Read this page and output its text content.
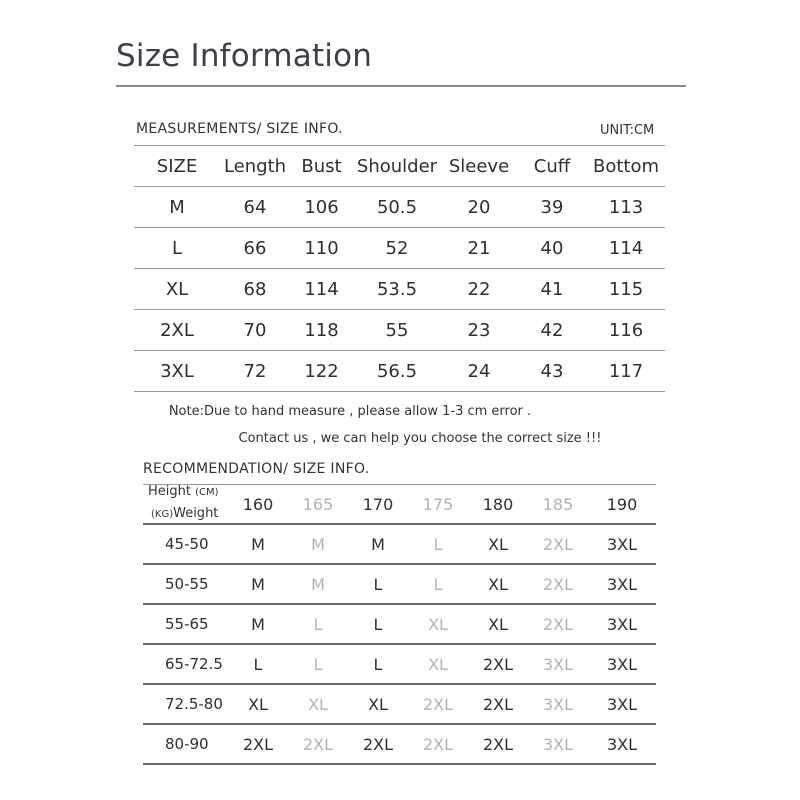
Size Information
MEASUREMENTS/ SIZE INFO.	UNIT:CM
SIZE	Length	Bust	Shoulder	Sleeve	Cuff	Bottom
M	64	106	50.5	20	39	113
L	66	110	52	21	40	114
XL	68	114	53.5	22	41	115
2XL	70	118	55	23	42	116
3XL	72	122	56.5	24	43	117
Note:Due to hand measure , please allow 1-3 cm error .
Contact us , we can help you choose the correct size !!!
RECOMMENDATION/ SIZE INFO.
Height (CM)
(KG)Weight	160	165	170	175	180	185	190
45-50	M	M	M	L	XL	2XL	3XL
50-55	M	M	L	L	XL	2XL	3XL
55-65	M	L	L	XL	XL	2XL	3XL
65-72.5	L	L	L	XL	2XL	3XL	3XL
72.5-80	XL	XL	XL	2XL	2XL	3XL	3XL
80-90	2XL	2XL	2XL	2XL	2XL	3XL	3XL
